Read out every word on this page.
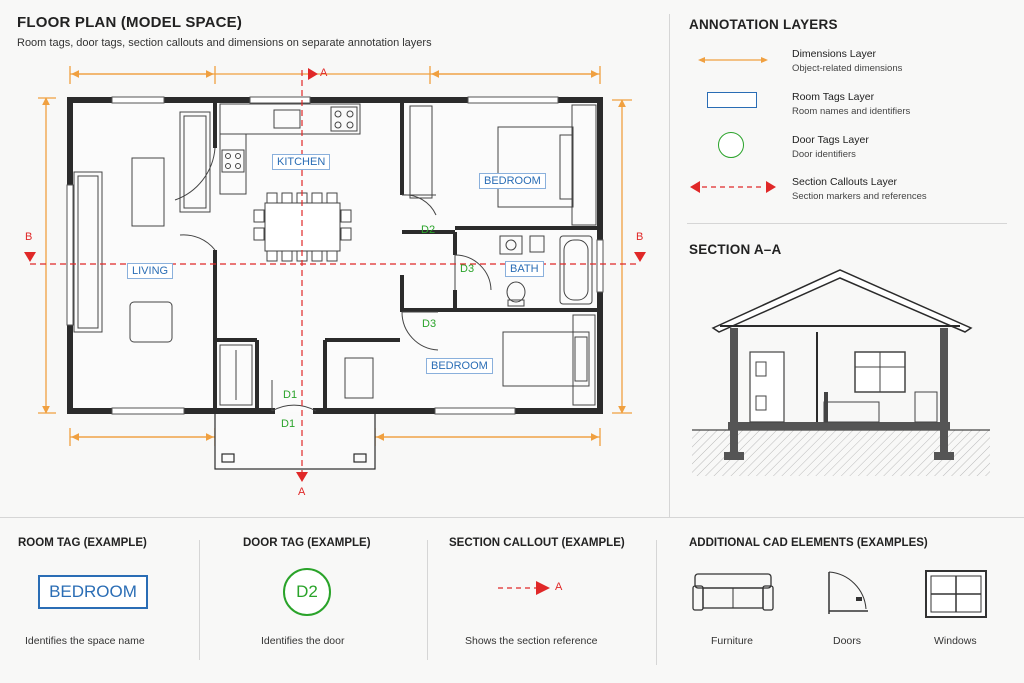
FLOOR PLAN (MODEL SPACE)
Room tags, door tags, section callouts and dimensions on separate annotation layers
A
A
B	B
KITCHEN
LIVING
BEDROOM
BATH
BEDROOM
D2
D3
D3
D1
D1
ANNOTATION LAYERS
Dimensions Layer
Object-related dimensions
Room Tags Layer
Room names and identifiers
Door Tags Layer
Door identifiers
Section Callouts Layer
Section markers and references
SECTION A–A
ROOM TAG (EXAMPLE)
BEDROOM
Identifies the space name
DOOR TAG (EXAMPLE)
D2
Identifies the door
SECTION CALLOUT (EXAMPLE)
A
Shows the section reference
ADDITIONAL CAD ELEMENTS (EXAMPLES)
Furniture	Doors	Windows
